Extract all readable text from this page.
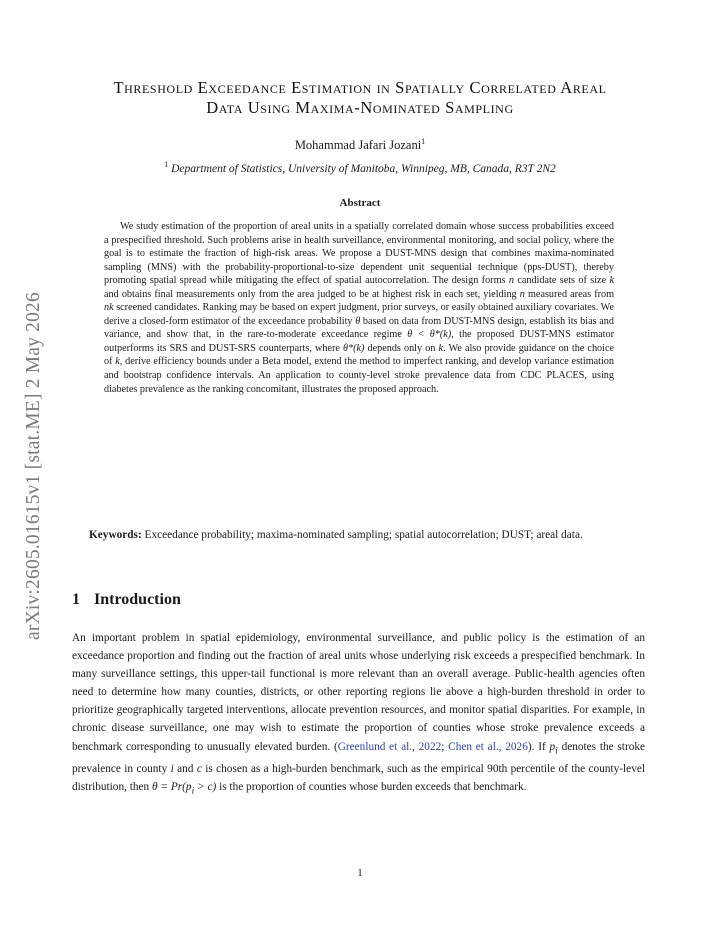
arXiv:2605.01615v1 [stat.ME] 2 May 2026
Threshold Exceedance Estimation in Spatially Correlated Areal
Data Using Maxima-Nominated Sampling
Mohammad Jafari Jozani$^1$
$^1$ Department of Statistics, University of Manitoba, Winnipeg, MB, Canada, R3T 2N2
Abstract
We study estimation of the proportion of areal units in a spatially correlated domain whose success probabilities exceed a prespecified threshold. Such problems arise in health surveillance, environmental monitoring, and social policy, where the goal is to estimate the fraction of high-risk areas. We propose a DUST-MNS design that combines maxima-nominated sampling (MNS) with the probability-proportional-to-size dependent unit sequential technique (pps-DUST), thereby promoting spatial spread while mitigating the effect of spatial autocorrelation. The design forms n candidate sets of size k and obtains final measurements only from the area judged to be at highest risk in each set, yielding n measured areas from nk screened candidates. Ranking may be based on expert judgment, prior surveys, or easily obtained auxiliary covariates. We derive a closed-form estimator of the exceedance probability θ based on data from DUST-MNS design, establish its bias and variance, and show that, in the rare-to-moderate exceedance regime θ < θ*(k), the proposed DUST-MNS estimator outperforms its SRS and DUST-SRS counterparts, where θ*(k) depends only on k. We also provide guidance on the choice of k, derive efficiency bounds under a Beta model, extend the method to imperfect ranking, and develop variance estimation and bootstrap confidence intervals. An application to county-level stroke prevalence data from CDC PLACES, using diabetes prevalence as the ranking concomitant, illustrates the proposed approach.
Keywords: Exceedance probability; maxima-nominated sampling; spatial autocorrelation; DUST; areal data.
1 Introduction
An important problem in spatial epidemiology, environmental surveillance, and public policy is the estimation of an exceedance proportion and finding out the fraction of areal units whose underlying risk exceeds a prespecified benchmark. In many surveillance settings, this upper-tail functional is more relevant than an overall average. Public-health agencies often need to determine how many counties, districts, or other reporting regions lie above a high-burden threshold in order to prioritize geographically targeted interventions, allocate prevention resources, and monitor spatial disparities. For example, in chronic disease surveillance, one may wish to estimate the proportion of counties whose stroke prevalence exceeds a benchmark corresponding to unusually elevated burden. (Greenlund et al., 2022; Chen et al., 2026). If $p_i$ denotes the stroke prevalence in county i and c is chosen as a high-burden benchmark, such as the empirical 90th percentile of the county-level distribution, then $\theta = Pr(p_i > c)$ is the proportion of counties whose burden exceeds that benchmark.
1
